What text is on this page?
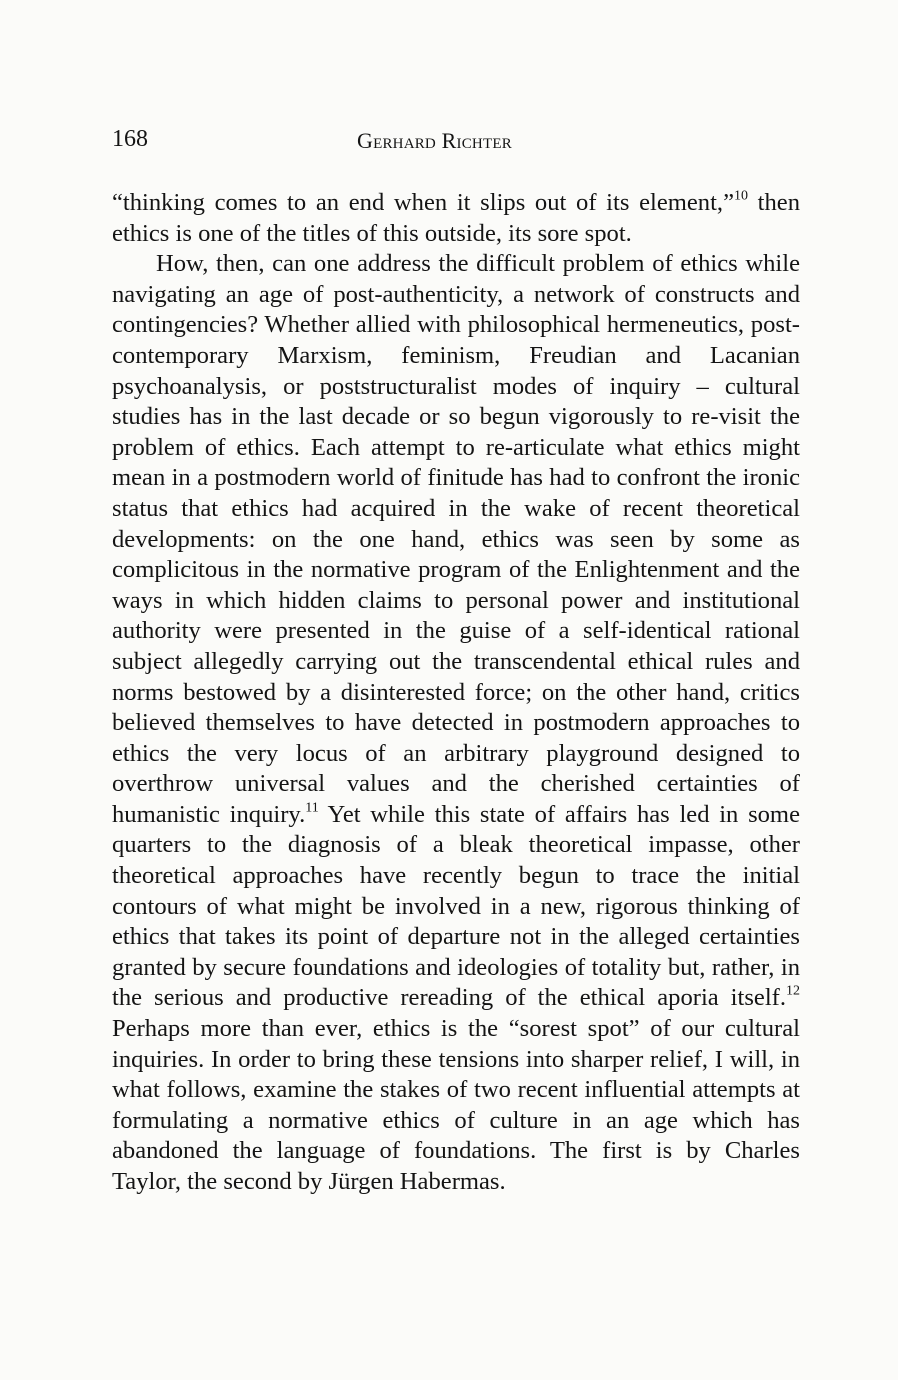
168	Gerhard Richter

“thinking comes to an end when it slips out of its element,”$^{10}$ then ethics is one of the titles of this outside, its sore spot.

How, then, can one address the difficult problem of ethics while navigating an age of post-authenticity, a network of constructs and contingencies? Whether allied with philosophical hermeneutics, post-contemporary Marxism, feminism, Freudian and Lacanian psychoanalysis, or poststructuralist modes of inquiry – cultural studies has in the last decade or so begun vigorously to re-visit the problem of ethics. Each attempt to re-articulate what ethics might mean in a postmodern world of finitude has had to confront the ironic status that ethics had acquired in the wake of recent theoretical developments: on the one hand, ethics was seen by some as complicitous in the normative program of the Enlightenment and the ways in which hidden claims to personal power and institutional authority were presented in the guise of a self-identical rational subject allegedly carrying out the transcendental ethical rules and norms bestowed by a disinterested force; on the other hand, critics believed themselves to have detected in postmodern approaches to ethics the very locus of an arbitrary playground designed to overthrow universal values and the cherished certainties of humanistic inquiry.$^{11}$ Yet while this state of affairs has led in some quarters to the diagnosis of a bleak theoretical impasse, other theoretical approaches have recently begun to trace the initial contours of what might be involved in a new, rigorous thinking of ethics that takes its point of departure not in the alleged certainties granted by secure foundations and ideologies of totality but, rather, in the serious and productive rereading of the ethical aporia itself.$^{12}$ Perhaps more than ever, ethics is the “sorest spot” of our cultural inquiries. In order to bring these tensions into sharper relief, I will, in what follows, examine the stakes of two recent influential attempts at formulating a normative ethics of culture in an age which has abandoned the language of foundations. The first is by Charles Taylor, the second by Jürgen Habermas.
